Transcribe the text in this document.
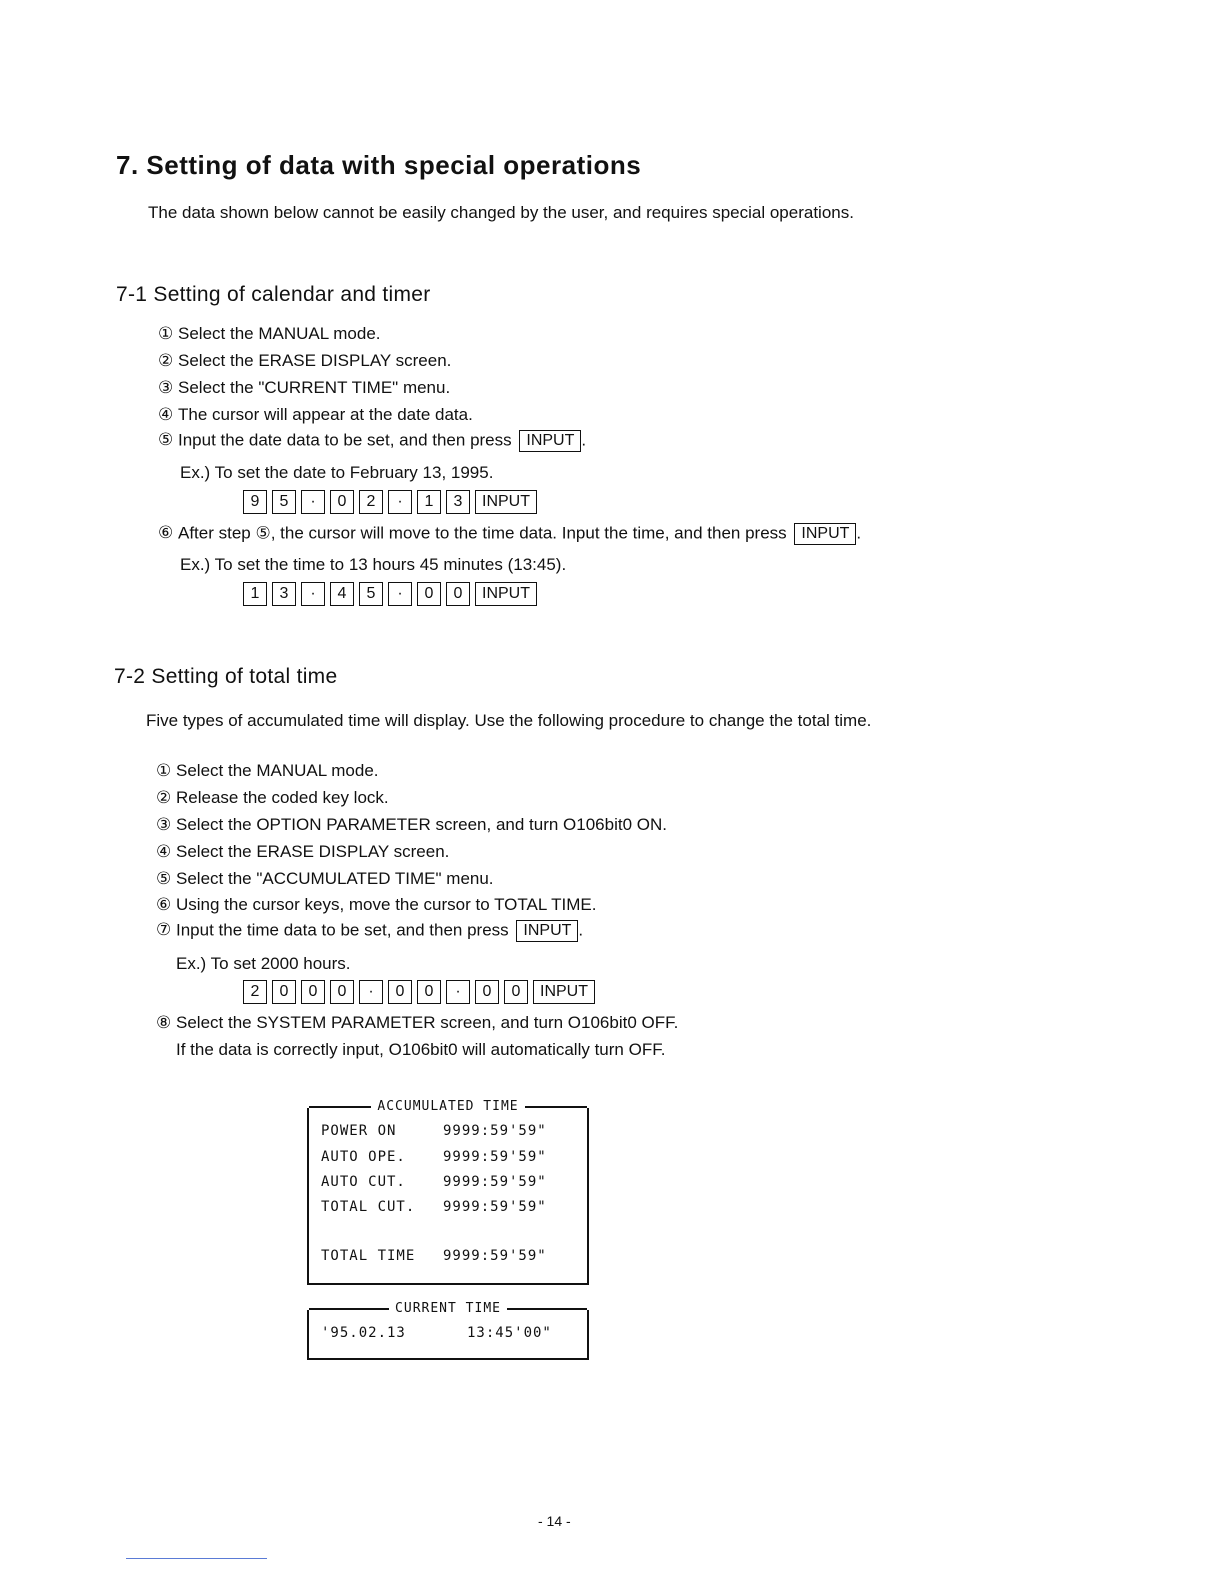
7. Setting of data with special operations
The data shown below cannot be easily changed by the user, and requires special operations.
7-1 Setting of calendar and timer
① Select the MANUAL mode.
② Select the ERASE DISPLAY screen.
③ Select the "CURRENT TIME" menu.
④ The cursor will appear at the date data.
⑤ Input the date data to be set, and then press INPUT .
Ex.) To set the date to February 13, 1995.
9	5	·	0	2	·	1	3	INPUT
⑥ After step ⑤, the cursor will move to the time data. Input the time, and then press INPUT .
Ex.) To set the time to 13 hours 45 minutes (13:45).
1	3	·	4	5	·	0	0	INPUT
7-2 Setting of total time
Five types of accumulated time will display. Use the following procedure to change the total time.
① Select the MANUAL mode.
② Release the coded key lock.
③ Select the OPTION PARAMETER screen, and turn O106bit0 ON.
④ Select the ERASE DISPLAY screen.
⑤ Select the "ACCUMULATED TIME" menu.
⑥ Using the cursor keys, move the cursor to TOTAL TIME.
⑦ Input the time data to be set, and then press INPUT .
Ex.) To set 2000 hours.
2	0	0	0	·	0	0	·	0	0	INPUT
⑧ Select the SYSTEM PARAMETER screen, and turn O106bit0 OFF.
If the data is correctly input, O106bit0 will automatically turn OFF.
ACCUMULATED TIME
POWER ON	9999:59'59"
AUTO OPE.	9999:59'59"
AUTO CUT.	9999:59'59"
TOTAL CUT. 9999:59'59"
TOTAL TIME 9999:59'59"
CURRENT TIME
'95.02.13	13:45'00"
- 14 -
